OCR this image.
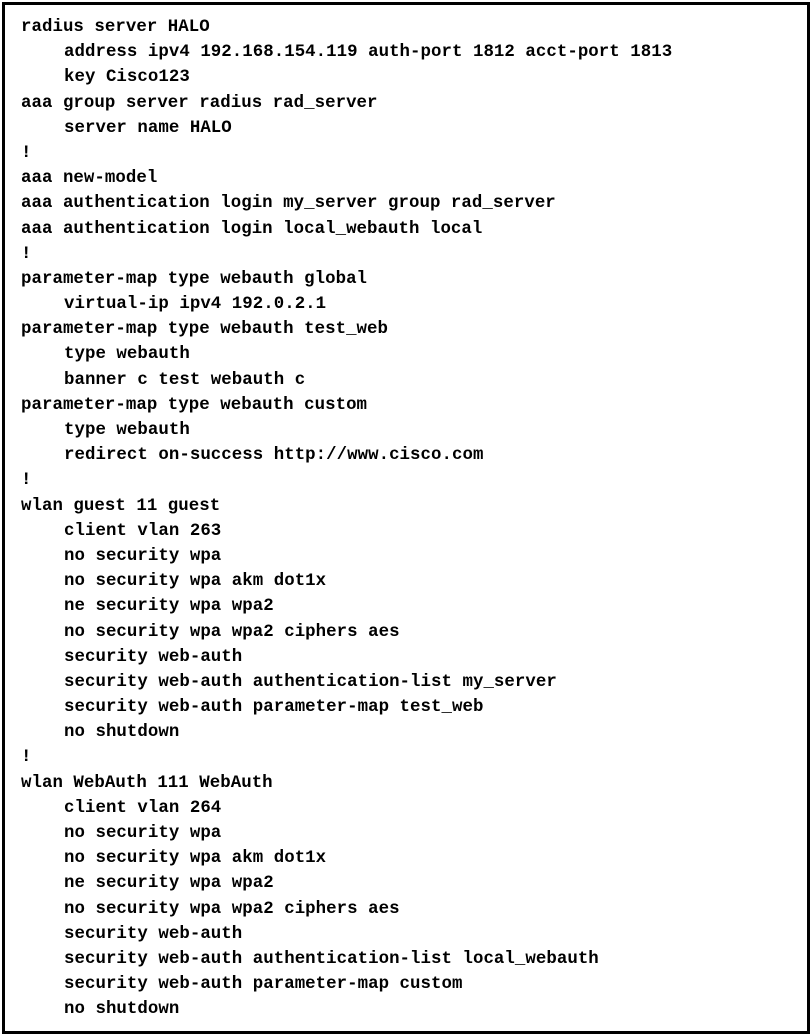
radius server HALO
address ipv4 192.168.154.119 auth-port 1812 acct-port 1813
key Cisco123
aaa group server radius rad_server
server name HALO
!
aaa new-model
aaa authentication login my_server group rad_server
aaa authentication login local_webauth local
!
parameter-map type webauth global
virtual-ip ipv4 192.0.2.1
parameter-map type webauth test_web
type webauth
banner c test webauth c
parameter-map type webauth custom
type webauth
redirect on-success http://www.cisco.com
!
wlan guest 11 guest
client vlan 263
no security wpa
no security wpa akm dot1x
ne security wpa wpa2
no security wpa wpa2 ciphers aes
security web-auth
security web-auth authentication-list my_server
security web-auth parameter-map test_web
no shutdown
!
wlan WebAuth 111 WebAuth
client vlan 264
no security wpa
no security wpa akm dot1x
ne security wpa wpa2
no security wpa wpa2 ciphers aes
security web-auth
security web-auth authentication-list local_webauth
security web-auth parameter-map custom
no shutdown
